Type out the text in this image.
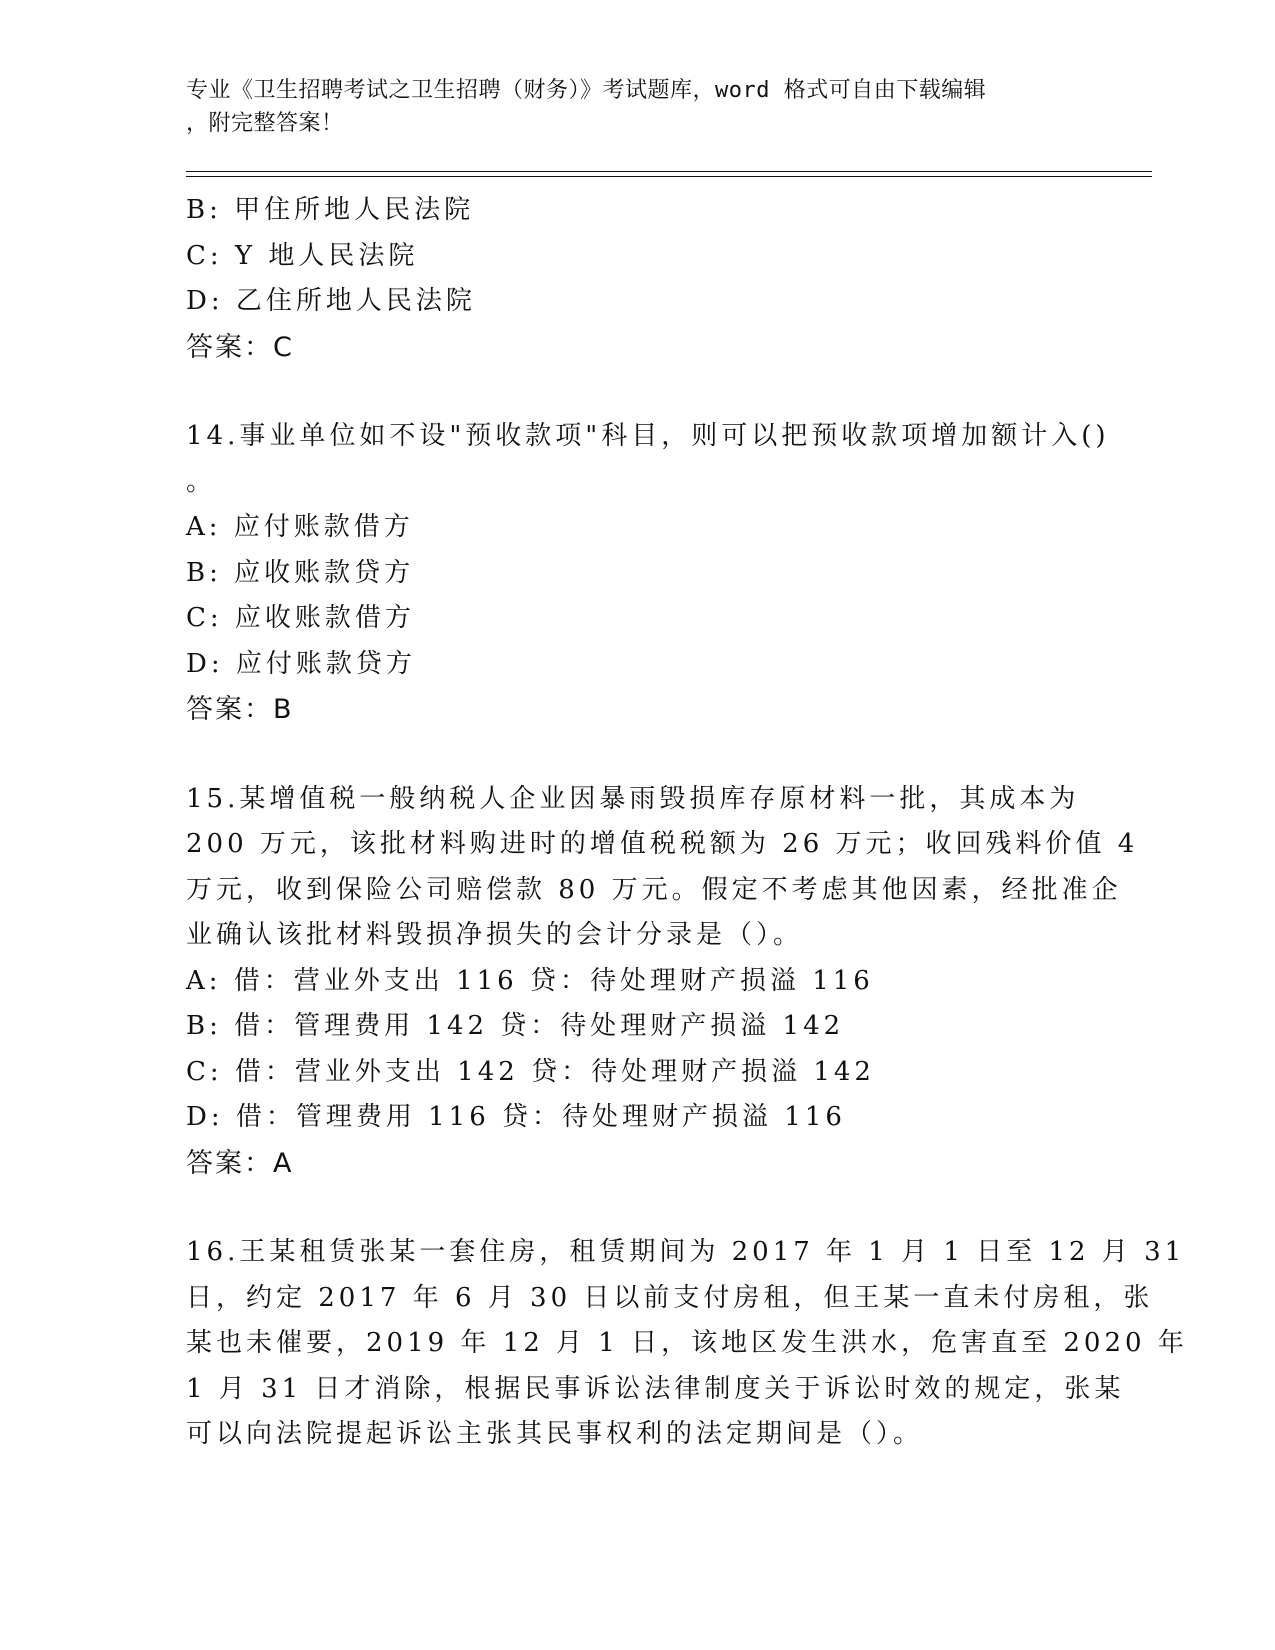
专业《卫生招聘考试之卫生招聘（财务）》考试题库，word 格式可自由下载编辑
，附完整答案！
B: 甲住所地人民法院
C: Y 地人民法院
D: 乙住所地人民法院
答案：C
14.事业单位如不设"预收款项"科目，则可以把预收款项增加额计入()
。
A: 应付账款借方
B: 应收账款贷方
C: 应收账款借方
D: 应付账款贷方
答案：B
15.某增值税一般纳税人企业因暴雨毁损库存原材料一批，其成本为
200 万元，该批材料购进时的增值税税额为 26 万元；收回残料价值 4
万元，收到保险公司赔偿款 80 万元。假定不考虑其他因素，经批准企
业确认该批材料毁损净损失的会计分录是（）。
A: 借：营业外支出 116 贷：待处理财产损溢 116
B: 借：管理费用 142 贷：待处理财产损溢 142
C: 借：营业外支出 142 贷：待处理财产损溢 142
D: 借：管理费用 116 贷：待处理财产损溢 116
答案：A
16.王某租赁张某一套住房，租赁期间为 2017 年 1 月 1 日至 12 月 31
日，约定 2017 年 6 月 30 日以前支付房租，但王某一直未付房租，张
某也未催要，2019 年 12 月 1 日，该地区发生洪水，危害直至 2020 年
1 月 31 日才消除，根据民事诉讼法律制度关于诉讼时效的规定，张某
可以向法院提起诉讼主张其民事权利的法定期间是（）。
